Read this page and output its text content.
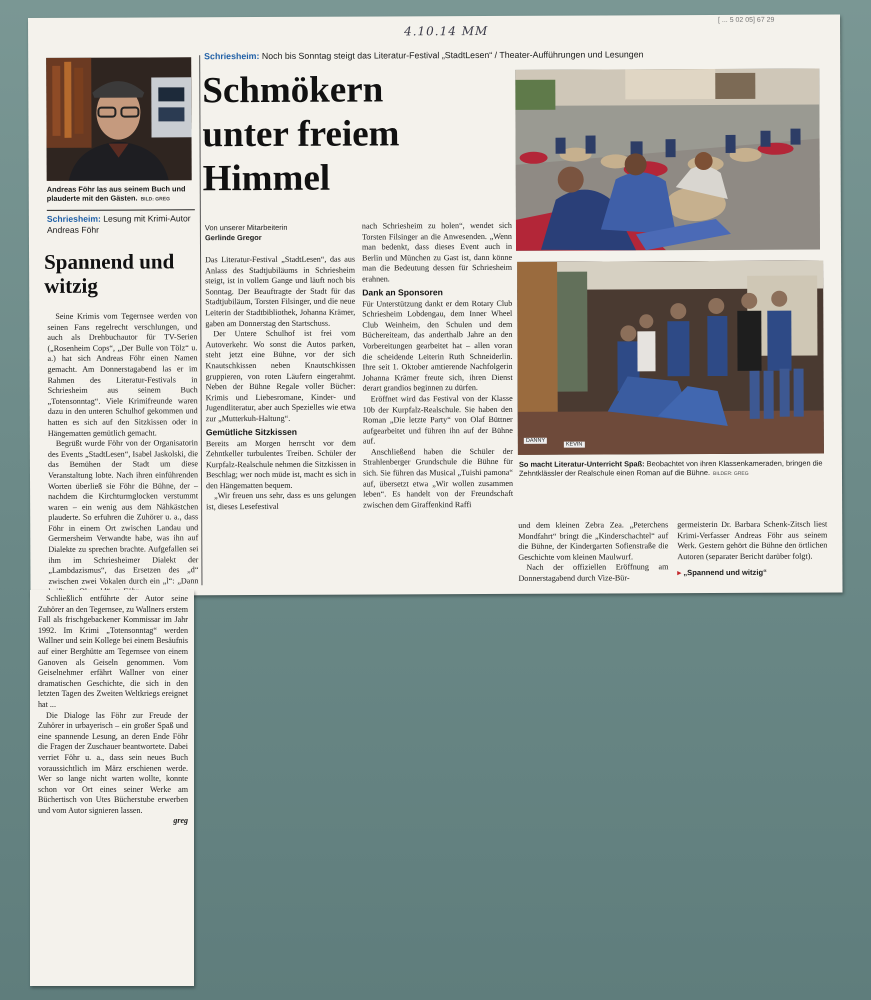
4.10.14 MM
[ ... 5 02 05] 67 29
Andreas Föhr las aus seinem Buch und plauderte mit den Gästen. BILD: GREG
Schriesheim: Lesung mit Krimi-Autor Andreas Föhr
Spannend und witzig

Seine Krimis vom Tegernsee werden von seinen Fans regelrecht verschlungen, und auch als Drehbuchautor für TV-Serien („Rosenheim Cops“, „Der Bulle von Tölz“ u. a.) hat sich Andreas Föhr einen Namen gemacht. Am Donnerstagabend las er im Rahmen des Literatur-Festivals in Schriesheim aus seinem Buch „Totensonntag“. Viele Krimifreunde waren dazu in den unteren Schulhof gekommen und hatten es sich auf den Sitzkissen oder in Hängematten gemütlich gemacht.

Begrüßt wurde Föhr von der Organisatorin des Events „StadtLesen“, Isabel Jaskolski, die das Bemühen der Stadt um diese Veranstaltung lobte. Nach ihren einführenden Worten überließ sie Föhr die Bühne, der – nachdem die Kirchturmglocken verstummt waren – ein wenig aus dem Nähkästchen plauderte. So erfuhren die Zuhörer u. a., dass Föhr in einem Ort zwischen Landau und Germersheim Verwandte habe, was ihn auf Dialekte zu sprechen brachte. Aufgefallen sei ihm im Schriesheimer Dialekt der „Lambdazismus“, das Ersetzen des „d“ zwischen zwei Vokalen durch ein „l“: „Dann

Schriesheim: Noch bis Sonntag steigt das Literatur-Festival „StadtLesen“ / Theater-Aufführungen und Lesungen
Schmökern
unter freiem
Himmel
Von unserer Mitarbeiterin
Gerlinde Gregor

Das Literatur-Festival „StadtLesen“, das aus Anlass des Stadtjubiläums in Schriesheim steigt, ist in vollem Gange und läuft noch bis Sonntag. Der Beauftragte der Stadt für das Stadtjubiläum, Torsten Filsinger, und die neue Leiterin der Stadtbibliothek, Johanna Krämer, gaben am Donnerstag den Startschuss.

Der Untere Schulhof ist frei vom Autoverkehr. Wo sonst die Autos parken, steht jetzt eine Bühne, vor der sich Knautschkissen neben Knautschkissen gruppieren, von roten Läufern eingerahmt. Neben der Bühne Regale voller Bücher: Krimis und Liebesromane, Kinder- und Jugendliteratur, aber auch Spezielles wie etwa zur „Mutterkuh-Haltung“.

Gemütliche Sitzkissen

Bereits am Morgen herrscht vor dem Zehntkeller turbulentes Treiben. Schüler der Kurpfalz-Realschule nehmen die Sitzkissen in Beschlag; wer noch müde ist, macht es sich in den Hängematten bequem.

„Wir freuen uns sehr, dass es uns gelungen ist, dieses Lesefestival

nach Schriesheim zu holen“, wendet sich Torsten Filsinger an die Anwesenden. „Wenn man bedenkt, dass dieses Event auch in Berlin und München zu Gast ist, dann könne man die Bedeutung dessen für Schriesheim erahnen.

Dank an Sponsoren

Für Unterstützung dankt er dem Rotary Club Schriesheim Lobdengau, dem Inner Wheel Club Weinheim, den Schulen und dem Büchereiteam, das anderthalb Jahre an den Vorbereitungen gearbeitet hat – allen voran die scheidende Leiterin Ruth Schneiderlin. Ihre seit 1. Oktober amtierende Nachfolgerin Johanna Krämer freute sich, ihren Dienst derart grandios beginnen zu dürfen.

Eröffnet wird das Festival von der Klasse 10b der Kurpfalz-Realschule. Sie haben den Roman „Die letzte Party“ von Olaf Büttner aufgearbeitet und führen ihn auf der Bühne auf.

Anschließend haben die Schüler der Strahlenberger Grundschule die Bühne für sich. Sie führen das Musical „Tuishi pamona“ auf, übersetzt etwa „Wir wollen zusammen leben“. Es handelt von der Freundschaft zwischen dem Giraffenkind Raffi

DANNY
KEVIN
So macht Literatur-Unterricht Spaß: Beobachtet von ihren Klassenkameraden, bringen die Zehntklässler der Realschule einen Roman auf die Bühne. BILDER: GREG

und dem kleinen Zebra Zea. „Peterchens Mondfahrt“ bringt die „Kinderschachtel“ auf die Bühne, der Kindergarten Sofienstraße die Geschichte vom kleinen Maulwurf.

Nach der offiziellen Eröffnung am Donnerstagabend durch Vize-Bür-

germeisterin Dr. Barbara Schenk-Zitsch liest Krimi-Verfasser Andreas Föhr aus seinem Werk. Gestern gehört die Bühne den örtlichen Autoren (separater Bericht darüber folgt).

▸ „Spannend und witzig“

Schließlich entführte der Autor seine Zuhörer an den Tegernsee, zu Wallners erstem Fall als frischgebackener Kommissar im Jahr 1992. Im Krimi „Totensonntag“ werden Wallner und sein Kollege bei einem Besäufnis auf einer Berghütte am Tegernsee von einem Ganoven als Geiseln genommen. Vom Geiselnehmer erfährt Wallner von einer dramatischen Geschichte, die sich in den letzten Tagen des Zweiten Weltkriegs ereignet hat ...

Die Dialoge las Föhr zur Freude der Zuhörer in urbayerisch – ein großer Spaß und eine spannende Lesung, an deren Ende Föhr die Fragen der Zuschauer beantwortete. Dabei verriet Föhr u. a., dass sein neues Buch voraussichtlich im März erschienen werde. Wer so lange nicht warten wollte, konnte schon vor Ort eines seiner Werke am Büchertisch von Utes Bücherstube erwerben und vom Autor signieren lassen.

greg
